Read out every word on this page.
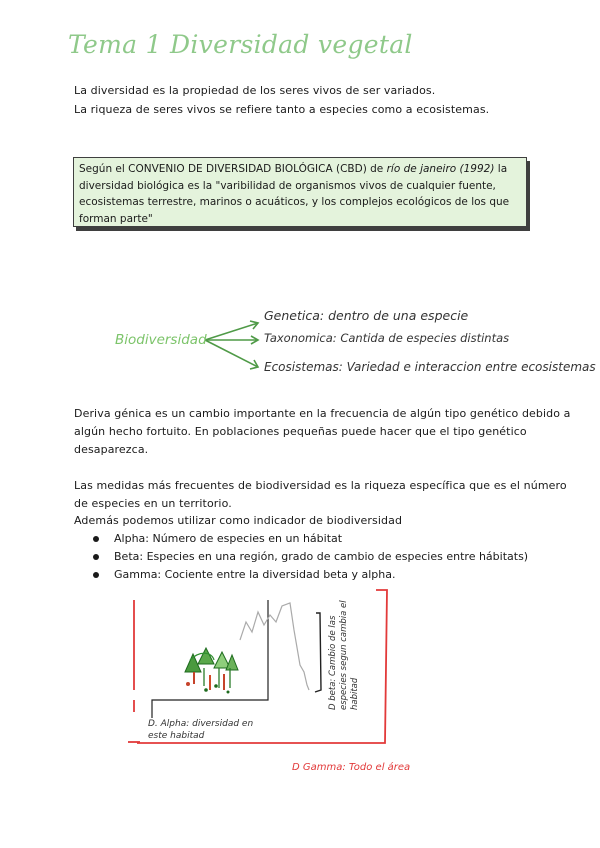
Tema 1 Diversidad vegetal
La diversidad es la propiedad de los seres vivos de ser variados.
La riqueza de seres vivos se refiere tanto a especies como a ecosistemas.
Según el CONVENIO DE DIVERSIDAD BIOLÓGICA (CBD) de río de janeiro (1992) la diversidad biológica es la "varibilidad de organismos vivos de cualquier fuente, ecosistemas terrestre, marinos o acuáticos, y los complejos ecológicos de los que forman parte"
Biodiversidad
Genetica: dentro de una especie
Taxonomica: Cantida de especies distintas
Ecosistemas: Variedad e interaccion entre ecosistemas
Deriva génica es un cambio importante en la frecuencia de algún tipo genético debido a
algún hecho fortuito. En poblaciones pequeñas puede hacer que el tipo genético
desaparezca.
Las medidas más frecuentes de biodiversidad es la riqueza específica que es el número
de especies en un territorio.
Además podemos utilizar como indicador de biodiversidad
Alpha: Número de especies en un hábitat
Beta: Especies en una región, grado de cambio de especies entre hábitats)
Gamma: Cociente entre la diversidad beta y alpha.
D. Alpha: diversidad en
este habitad
D beta: Cambio de las especies segun cambia el habitad
D Gamma: Todo el área
